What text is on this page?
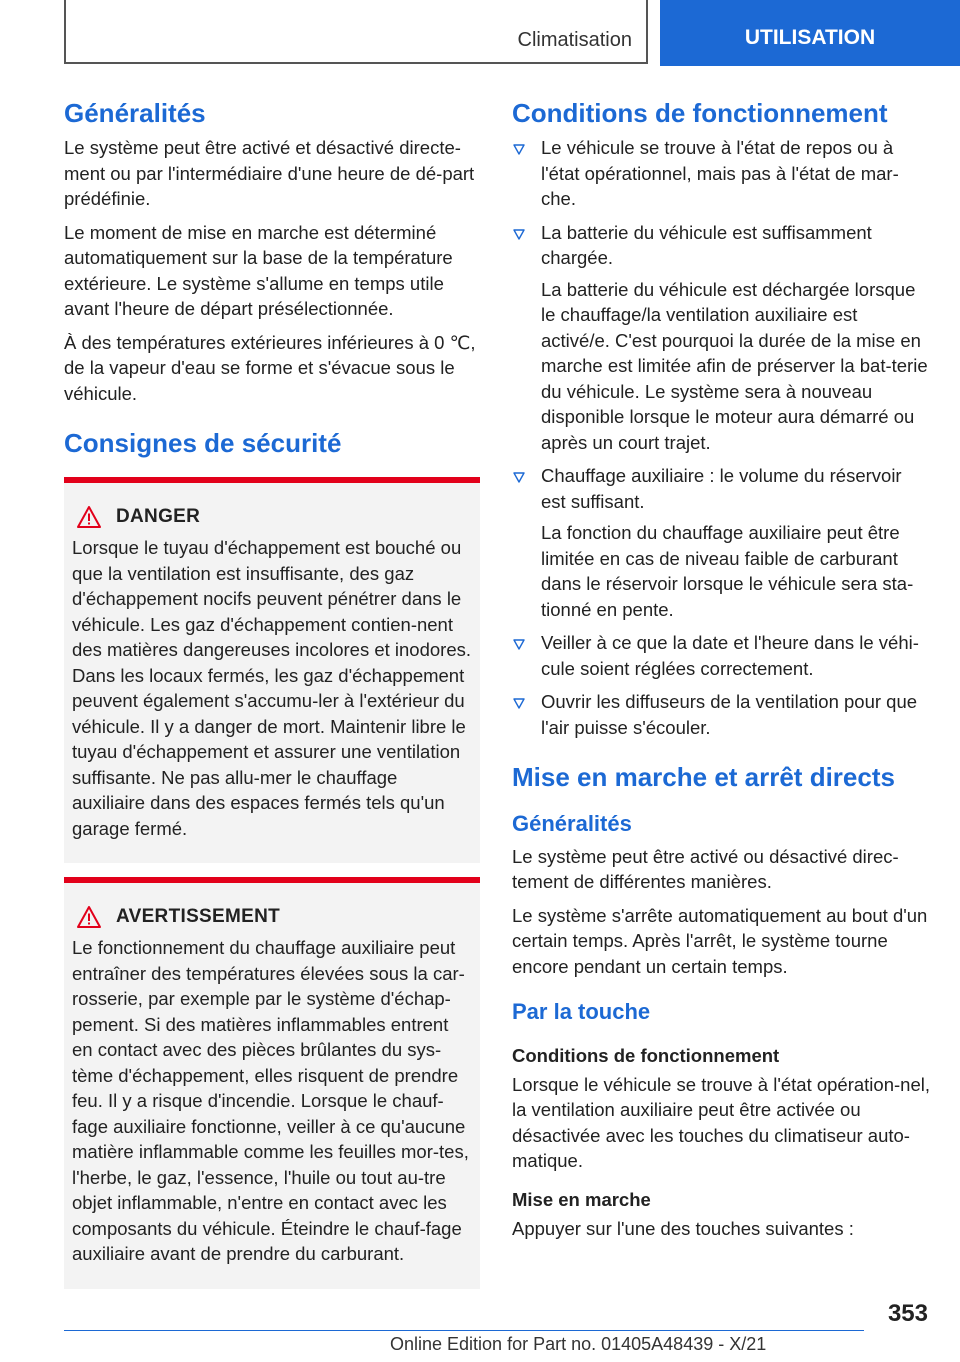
Climatisation	UTILISATION
Généralités

Le système peut être activé et désactivé directe-ment ou par l'intermédiaire d'une heure de dé-part prédéfinie.

Le moment de mise en marche est déterminé automatiquement sur la base de la température extérieure. Le système s'allume en temps utile avant l'heure de départ présélectionnée.

À des températures extérieures inférieures à 0 ℃, de la vapeur d'eau se forme et s'évacue sous le véhicule.

Consignes de sécurité
DANGER

Lorsque le tuyau d'échappement est bouché ou que la ventilation est insuffisante, des gaz d'échappement nocifs peuvent pénétrer dans le véhicule. Les gaz d'échappement contien-nent des matières dangereuses incolores et inodores. Dans les locaux fermés, les gaz d'échappement peuvent également s'accumu-ler à l'extérieur du véhicule. Il y a danger de mort. Maintenir libre le tuyau d'échappement et assurer une ventilation suffisante. Ne pas allu-mer le chauffage auxiliaire dans des espaces fermés tels qu'un garage fermé.

AVERTISSEMENT

Le fonctionnement du chauffage auxiliaire peut entraîner des températures élevées sous la car-rosserie, par exemple par le système d'échap-pement. Si des matières inflammables entrent en contact avec des pièces brûlantes du sys-tème d'échappement, elles risquent de prendre feu. Il y a risque d'incendie. Lorsque le chauf-fage auxiliaire fonctionne, veiller à ce qu'aucune matière inflammable comme les feuilles mor-tes, l'herbe, le gaz, l'essence, l'huile ou tout au-tre objet inflammable, n'entre en contact avec les composants du véhicule. Éteindre le chauf-fage auxiliaire avant de prendre du carburant.

Conditions de fonctionnement

Le véhicule se trouve à l'état de repos ou à l'état opérationnel, mais pas à l'état de mar-che.

La batterie du véhicule est suffisamment chargée.

La batterie du véhicule est déchargée lorsque le chauffage/la ventilation auxiliaire est activé/e. C'est pourquoi la durée de la mise en marche est limitée afin de préserver la bat-terie du véhicule. Le système sera à nouveau disponible lorsque le moteur aura démarré ou après un court trajet.

Chauffage auxiliaire : le volume du réservoir est suffisant.

La fonction du chauffage auxiliaire peut être limitée en cas de niveau faible de carburant dans le réservoir lorsque le véhicule sera sta-tionné en pente.

Veiller à ce que la date et l'heure dans le véhi-cule soient réglées correctement.

Ouvrir les diffuseurs de la ventilation pour que l'air puisse s'écouler.

Mise en marche et arrêt directs
Généralités

Le système peut être activé ou désactivé direc-tement de différentes manières.

Le système s'arrête automatiquement au bout d'un certain temps. Après l'arrêt, le système tourne encore pendant un certain temps.

Par la touche
Conditions de fonctionnement

Lorsque le véhicule se trouve à l'état opération-nel, la ventilation auxiliaire peut être activée ou désactivée avec les touches du climatiseur auto-matique.

Mise en marche

Appuyer sur l'une des touches suivantes :

353
Online Edition for Part no. 01405A48439 - X/21
